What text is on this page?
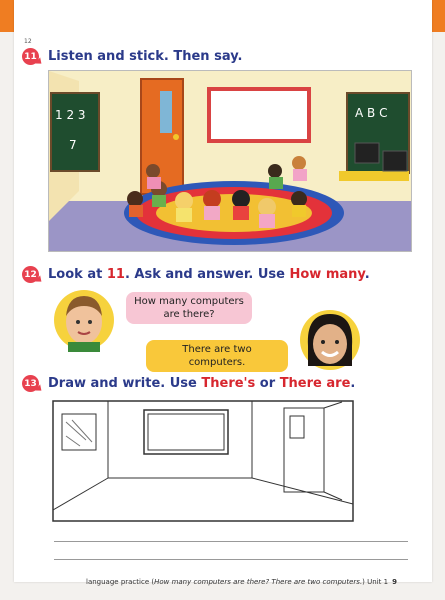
12
11 Listen and stick. Then say.
1 2 3
7
A B C
12 Look at 11. Ask and answer. Use How many.
How many computers are there?
There are two computers.
13 Draw and write. Use There's or There are.
language practice (How many computers are there? There are two computers.) Unit 1 9
